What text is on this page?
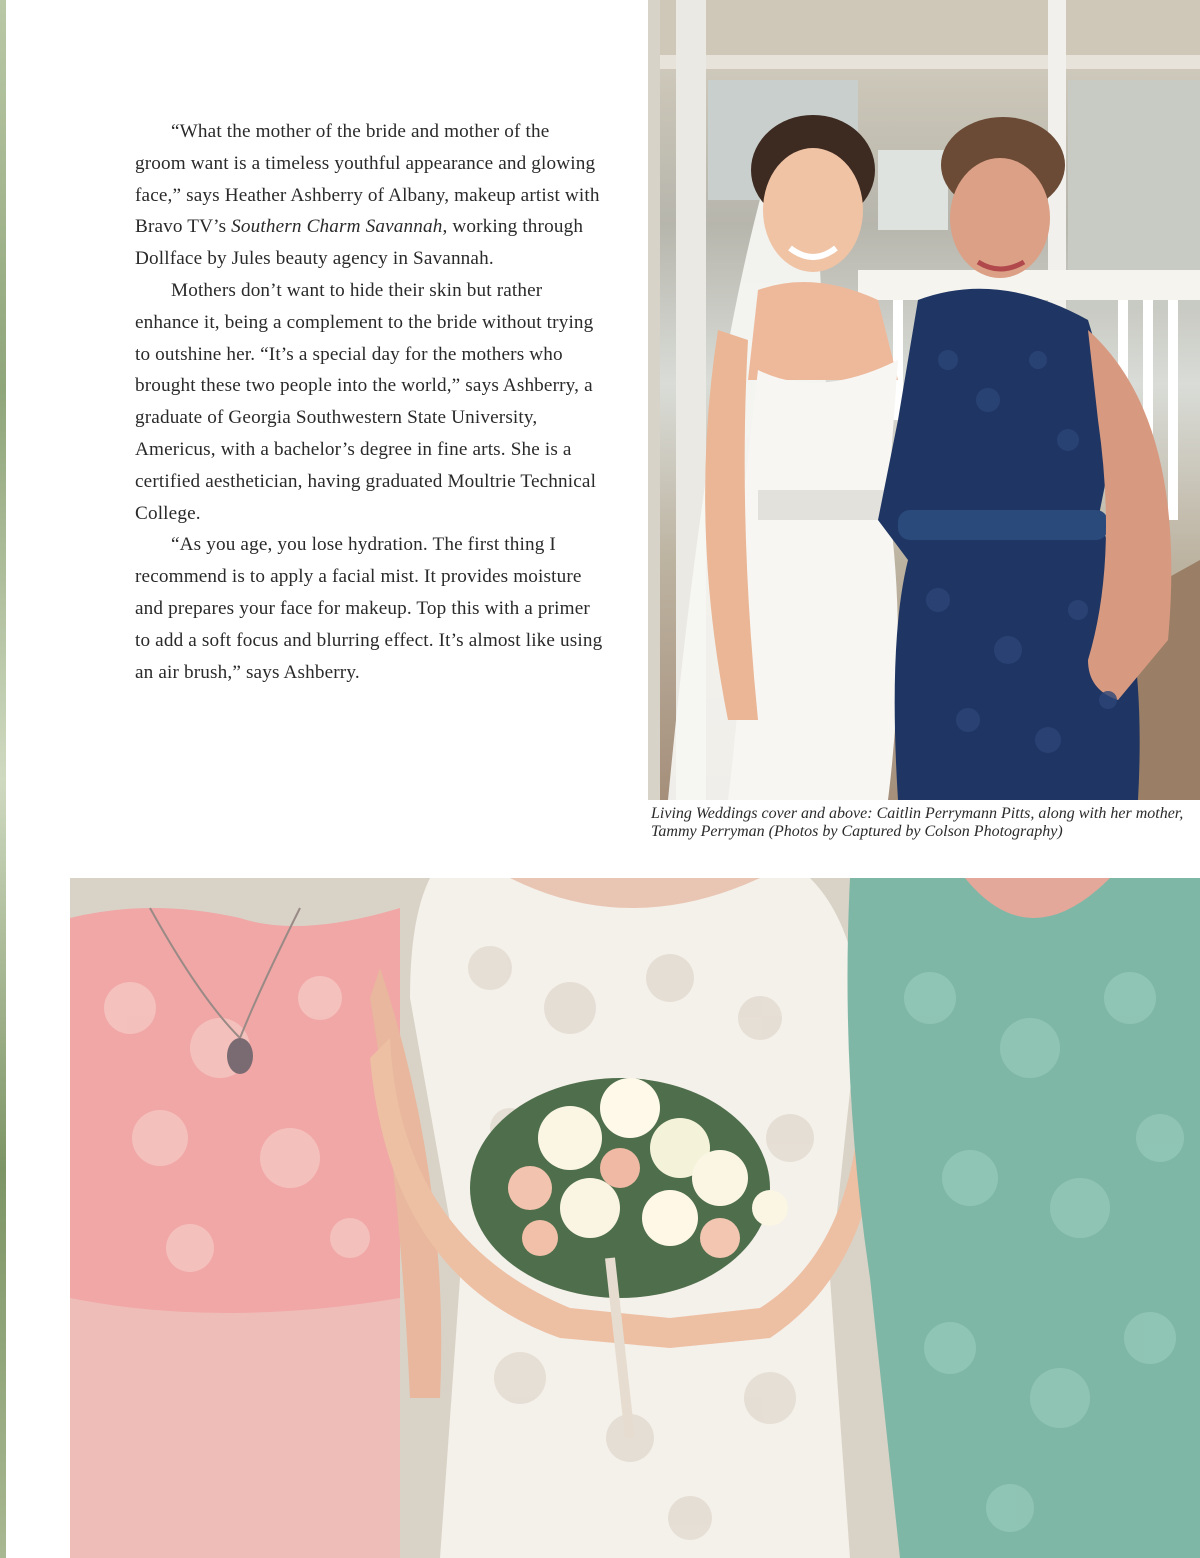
“What the mother of the bride and mother of the groom want is a timeless youthful appearance and glowing face,” says Heather Ashberry of Albany, makeup artist with Bravo TV’s Southern Charm Savannah, working through Dollface by Jules beauty agency in Savannah.

Mothers don’t want to hide their skin but rather enhance it, being a complement to the bride without trying to outshine her. “It’s a special day for the mothers who brought these two people into the world,” says Ashberry, a graduate of Georgia Southwestern State University, Americus, with a bachelor’s degree in fine arts. She is a certified aesthetician, having graduated Moultrie Technical College.

“As you age, you lose hydration. The first thing I recommend is to apply a facial mist. It provides moisture and prepares your face for makeup. Top this with a primer to add a soft focus and blurring effect. It’s almost like using an air brush,” says Ashberry.

Living Weddings cover and above: Caitlin Perrymann Pitts, along with her mother, Tammy Perryman (Photos by Captured by Colson Photography)
